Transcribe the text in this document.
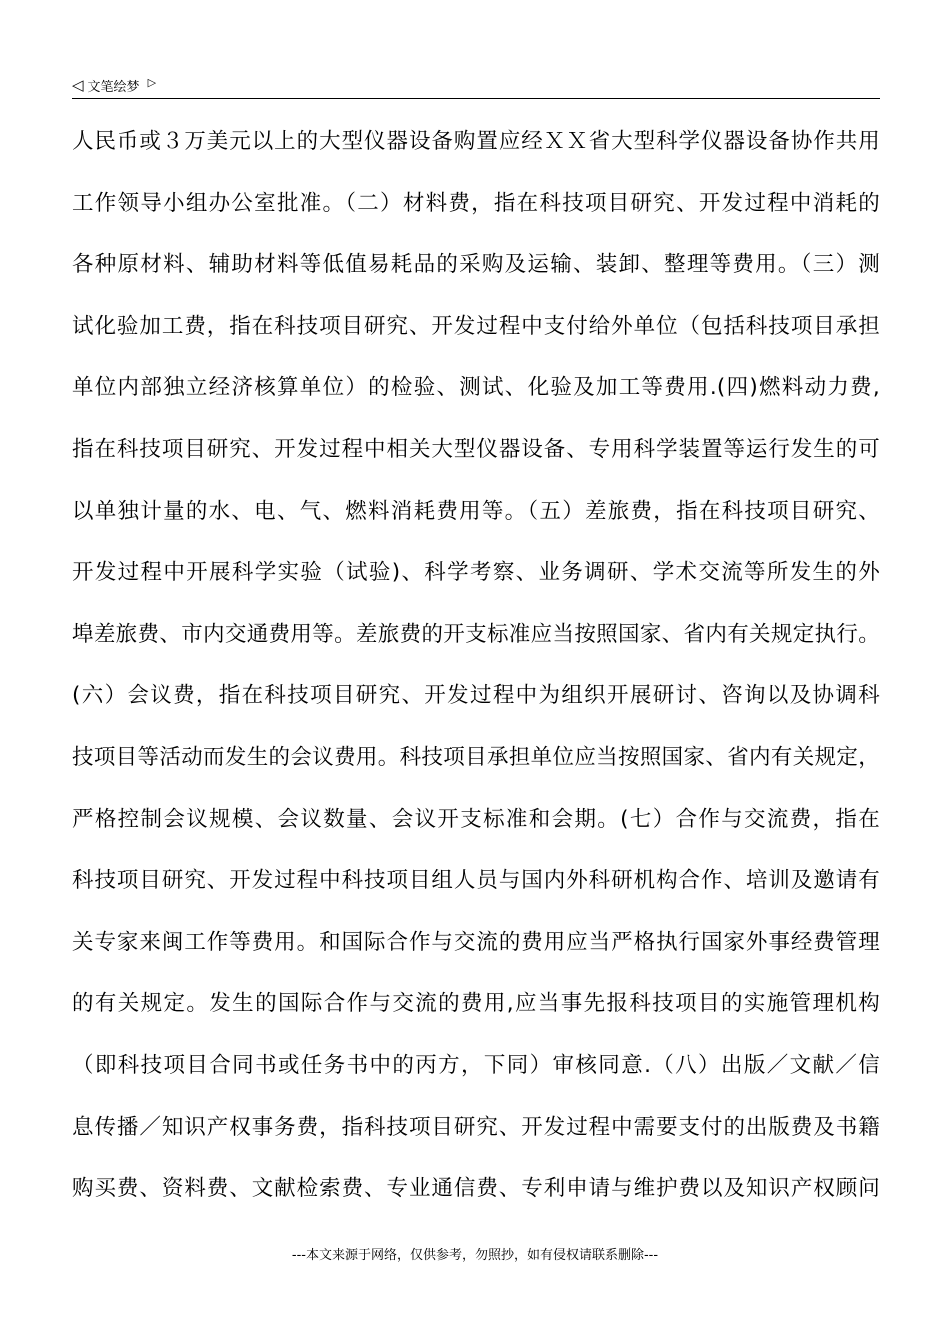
◁ 文笔绘梦 ▷
人民币或３万美元以上的大型仪器设备购置应经ＸＸ省大型科学仪器设备协作共用
工作领导小组办公室批准。（二）材料费，指在科技项目研究、开发过程中消耗的
各种原材料、辅助材料等低值易耗品的采购及运输、装卸、整理等费用。（三）测
试化验加工费，指在科技项目研究、开发过程中支付给外单位（包括科技项目承担
单位内部独立经济核算单位）的检验、测试、化验及加工等费用.(四)燃料动力费,
指在科技项目研究、开发过程中相关大型仪器设备、专用科学装置等运行发生的可
以单独计量的水、电、气、燃料消耗费用等。（五）差旅费，指在科技项目研究、
开发过程中开展科学实验（试验)、科学考察、业务调研、学术交流等所发生的外
埠差旅费、市内交通费用等。差旅费的开支标准应当按照国家、省内有关规定执行。
(六）会议费，指在科技项目研究、开发过程中为组织开展研讨、咨询以及协调科
技项目等活动而发生的会议费用。科技项目承担单位应当按照国家、省内有关规定，
严格控制会议规模、会议数量、会议开支标准和会期。(七）合作与交流费，指在
科技项目研究、开发过程中科技项目组人员与国内外科研机构合作、培训及邀请有
关专家来闽工作等费用。和国际合作与交流的费用应当严格执行国家外事经费管理
的有关规定。发生的国际合作与交流的费用,应当事先报科技项目的实施管理机构
（即科技项目合同书或任务书中的丙方，下同）审核同意.（八）出版／文献／信
息传播／知识产权事务费，指科技项目研究、开发过程中需要支付的出版费及书籍
购买费、资料费、文献检索费、专业通信费、专利申请与维护费以及知识产权顾问
---本文来源于网络，仅供参考，勿照抄，如有侵权请联系删除---
